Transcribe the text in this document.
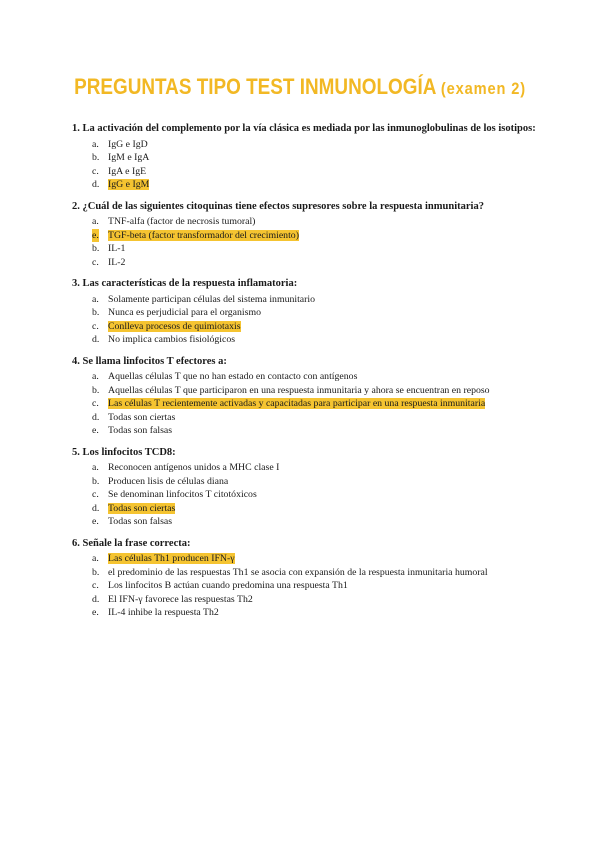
PREGUNTAS TIPO TEST INMUNOLOGÍA (examen 2)
1. La activación del complemento por la vía clásica es mediada por las inmunoglobulinas de los isotipos:
a. IgG e IgD
b. IgM e IgA
c. IgA e IgE
d. IgG e IgM
2. ¿Cuál de las siguientes citoquinas tiene efectos supresores sobre la respuesta inmunitaria?
a. TNF-alfa (factor de necrosis tumoral)
e. TGF-beta (factor transformador del crecimiento)
b. IL-1
c. IL-2
3. Las características de la respuesta inflamatoria:
a. Solamente participan células del sistema inmunitario
b. Nunca es perjudicial para el organismo
c. Conlleva procesos de quimiotaxis
d. No implica cambios fisiológicos
4. Se llama linfocitos T efectores a:
a. Aquellas células T que no han estado en contacto con antígenos
b. Aquellas células T que participaron en una respuesta inmunitaria y ahora se encuentran en reposo
c. Las células T recientemente activadas y capacitadas para participar en una respuesta inmunitaria
d. Todas son ciertas
e. Todas son falsas
5. Los linfocitos TCD8:
a. Reconocen antígenos unidos a MHC clase I
b. Producen lisis de células diana
c. Se denominan linfocitos T citotóxicos
d. Todas son ciertas
e. Todas son falsas
6. Señale la frase correcta:
a. Las células Th1 producen IFN-γ
b. el predominio de las respuestas Th1 se asocia con expansión de la respuesta inmunitaria humoral
c. Los linfocitos B actúan cuando predomina una respuesta Th1
d. El IFN-γ favorece las respuestas Th2
e. IL-4 inhibe la respuesta Th2
